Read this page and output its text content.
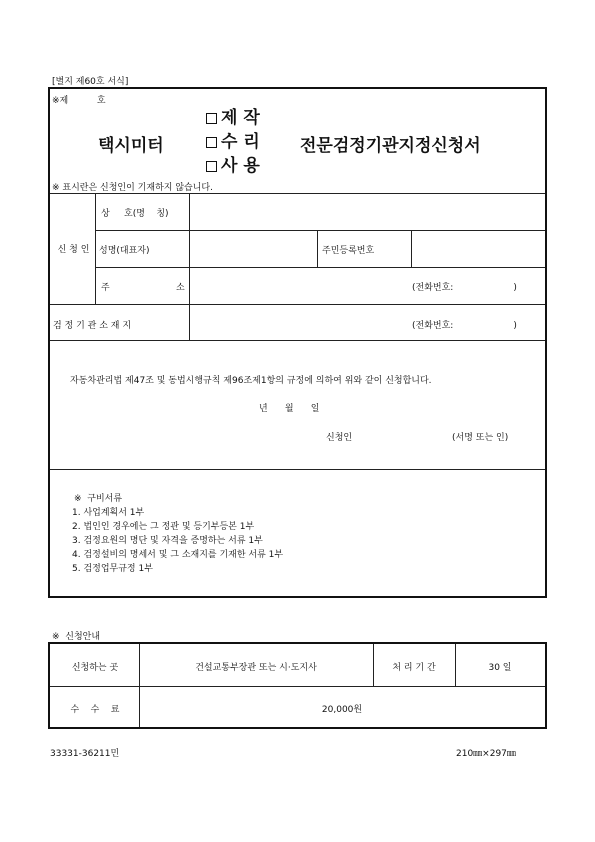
[별지 제60호 서식]
※제          호
택시미터
제 작
수 리
사 용
전문검정기관지정신청서
※ 표시란은 신청인이 기재하지 않습니다.
신 청 인
상     호(명    칭)
성명(대표자)	주민등록번호
주	소	(전화번호:                     )
검 정 기 관 소 재 지	(전화번호:                     )
자동차관리법 제47조 및 동법시행규칙 제96조제1항의 규정에 의하여 위와 같이 신청합니다.
년      월      일
신청인	(서명 또는 인)
※  구비서류
1. 사업계획서 1부
2. 법인인 경우에는 그 정관 및 등기부등본 1부
3. 검정요원의 명단 및 자격을 증명하는 서류 1부
4. 검정설비의 명세서 및 그 소재지를 기재한 서류 1부
5. 검정업무규정 1부
※  신청안내
신청하는 곳	건설교통부장관 또는 시·도지사	처 리 기 간	30 일
수    수    료	20,000원
33331-36211민	210㎜×297㎜
